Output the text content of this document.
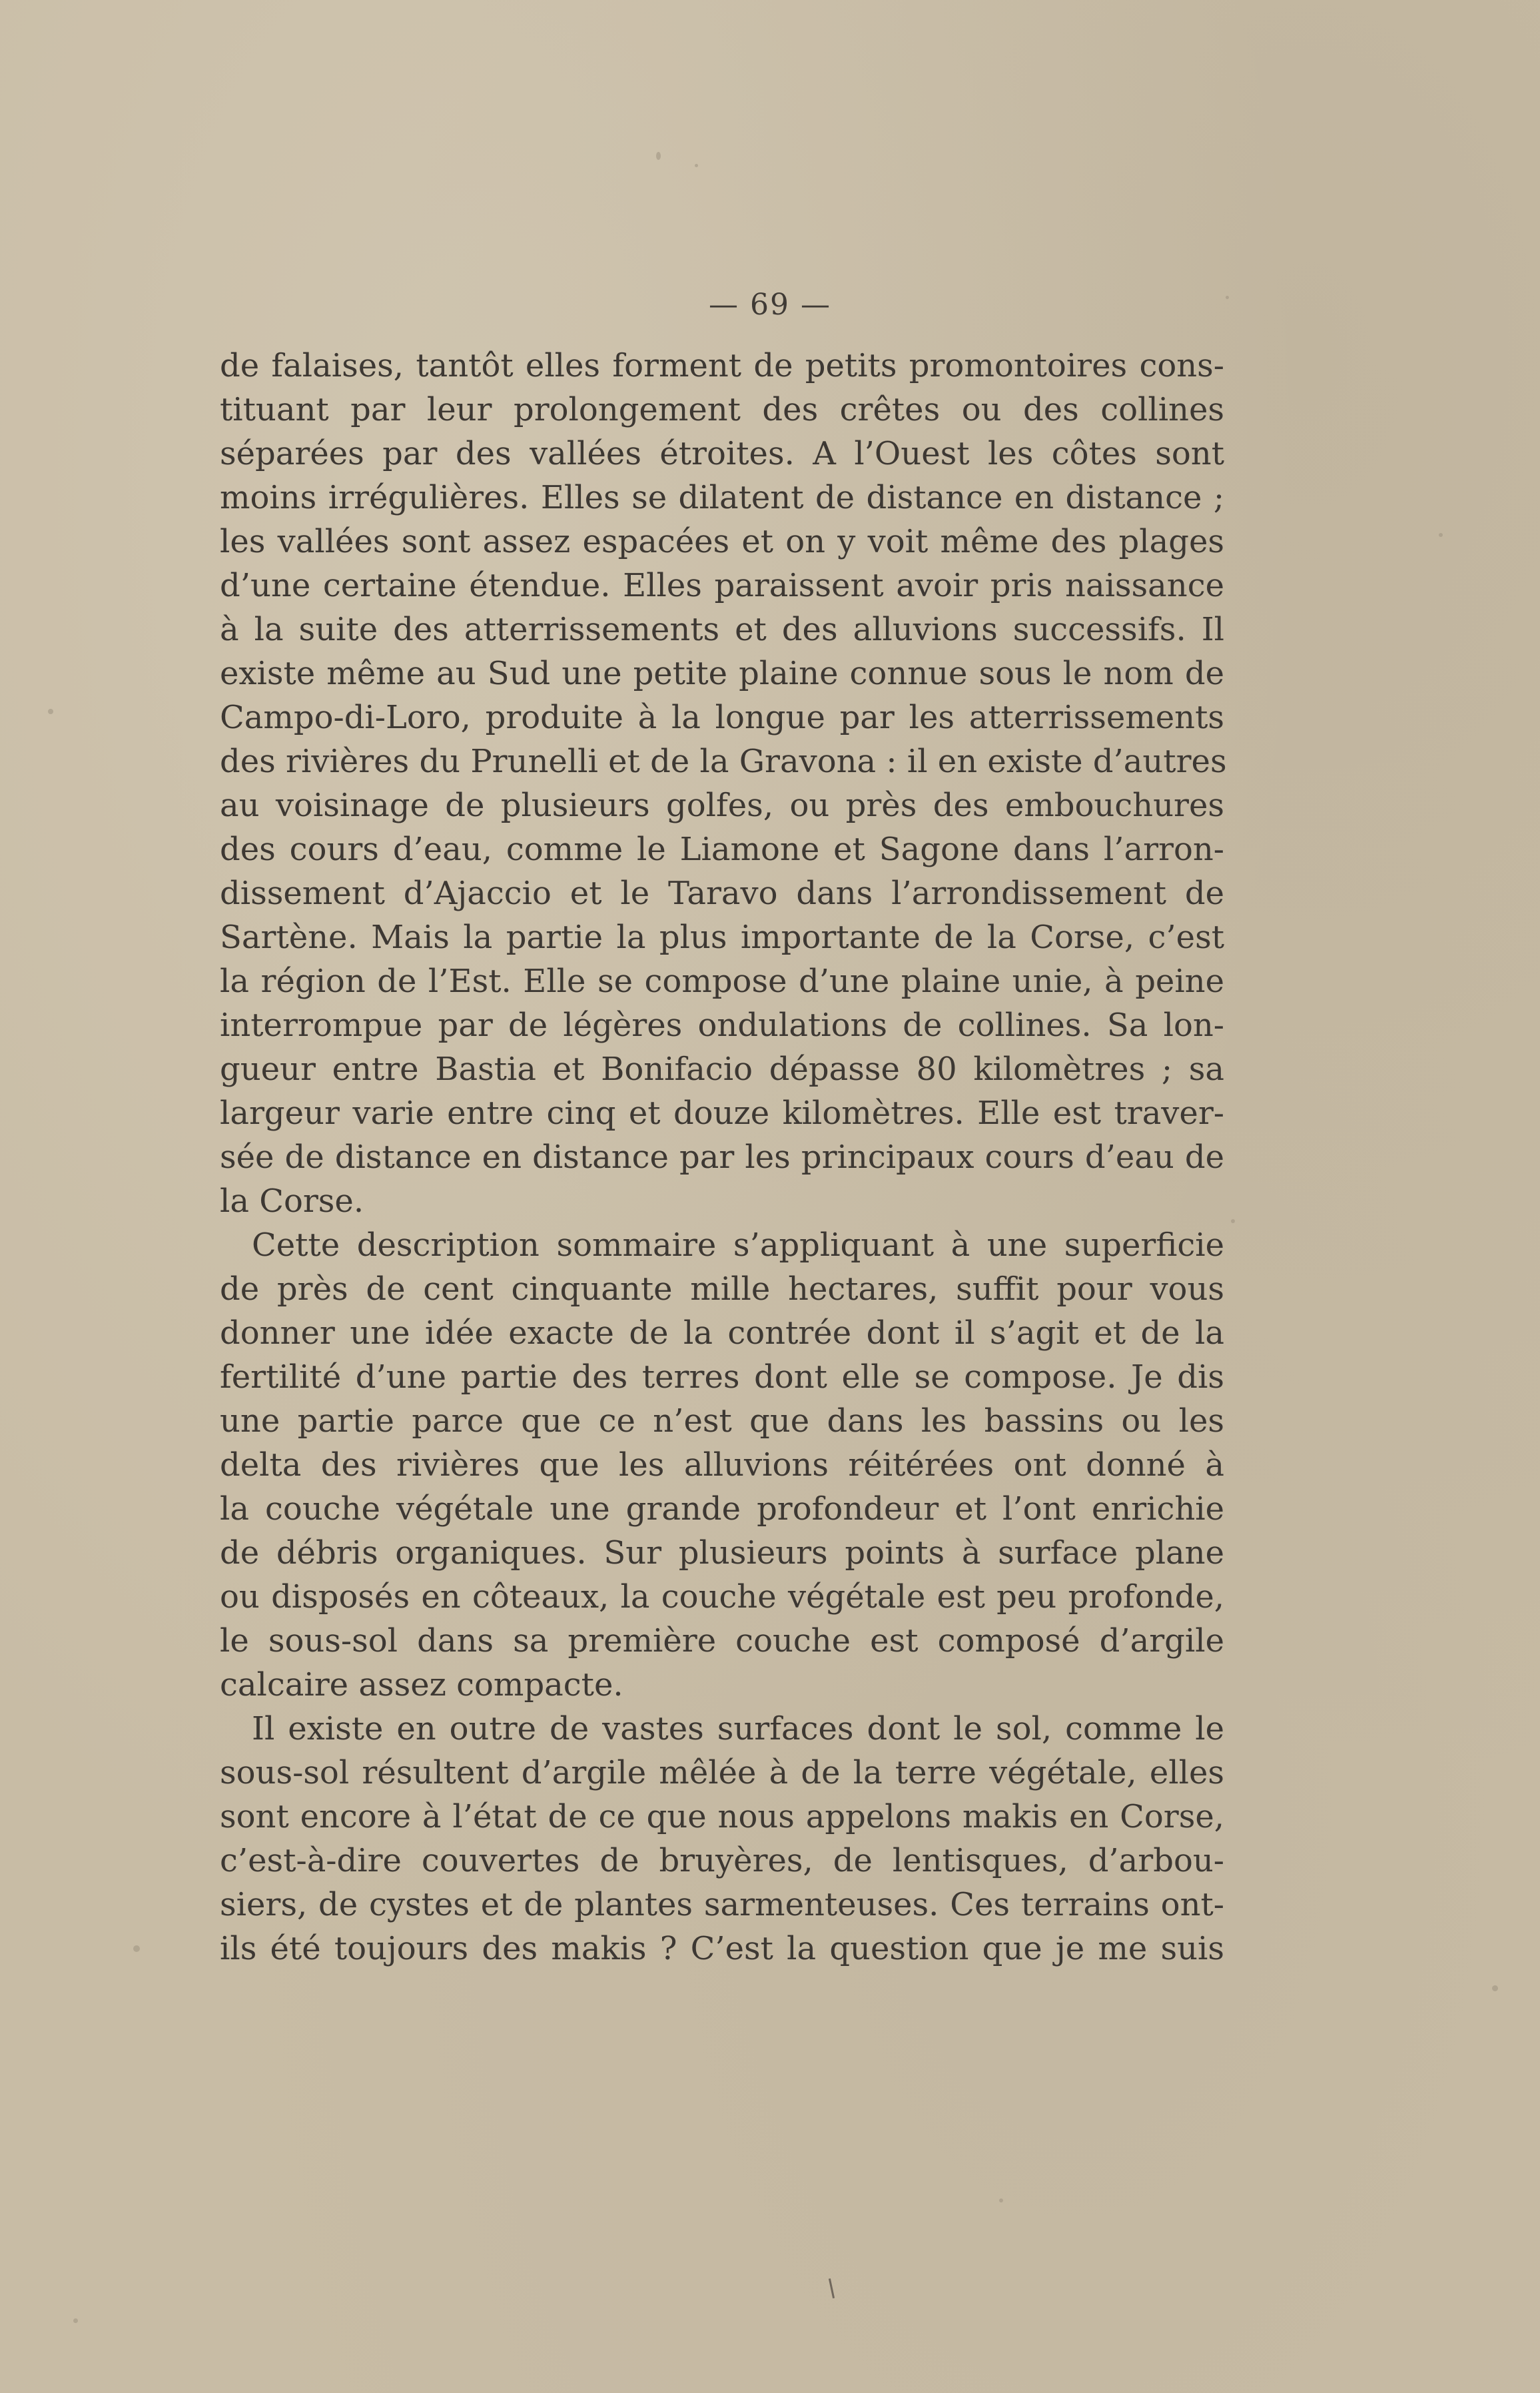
— 69 —
de falaises, tantôt elles forment de petits promontoires cons-
tituant par leur prolongement des crêtes ou des collines
séparées par des vallées étroites. A l’Ouest les côtes sont
moins irrégulières. Elles se dilatent de distance en distance ;
les vallées sont assez espacées et on y voit même des plages
d’une certaine étendue. Elles paraissent avoir pris naissance
à la suite des atterrissements et des alluvions successifs. Il
existe même au Sud une petite plaine connue sous le nom de
Campo-di-Loro, produite à la longue par les atterrissements
des rivières du Prunelli et de la Gravona : il en existe d’autres
au voisinage de plusieurs golfes, ou près des embouchures
des cours d’eau, comme le Liamone et Sagone dans l’arron-
dissement d’Ajaccio et le Taravo dans l’arrondissement de
Sartène. Mais la partie la plus importante de la Corse, c’est
la région de l’Est. Elle se compose d’une plaine unie, à peine
interrompue par de légères ondulations de collines. Sa lon-
gueur entre Bastia et Bonifacio dépasse 80 kilomètres ; sa
largeur varie entre cinq et douze kilomètres. Elle est traver-
sée de distance en distance par les principaux cours d’eau de
la Corse.
Cette description sommaire s’appliquant à une superficie
de près de cent cinquante mille hectares, suffit pour vous
donner une idée exacte de la contrée dont il s’agit et de la
fertilité d’une partie des terres dont elle se compose. Je dis
une partie parce que ce n’est que dans les bassins ou les
delta des rivières que les alluvions réitérées ont donné à
la couche végétale une grande profondeur et l’ont enrichie
de débris organiques. Sur plusieurs points à surface plane
ou disposés en côteaux, la couche végétale est peu profonde,
le sous-sol dans sa première couche est composé d’argile
calcaire assez compacte.
Il existe en outre de vastes surfaces dont le sol, comme le
sous-sol résultent d’argile mêlée à de la terre végétale, elles
sont encore à l’état de ce que nous appelons makis en Corse,
c’est-à-dire couvertes de bruyères, de lentisques, d’arbou-
siers, de cystes et de plantes sarmenteuses. Ces terrains ont-
ils été toujours des makis ? C’est la question que je me suis
